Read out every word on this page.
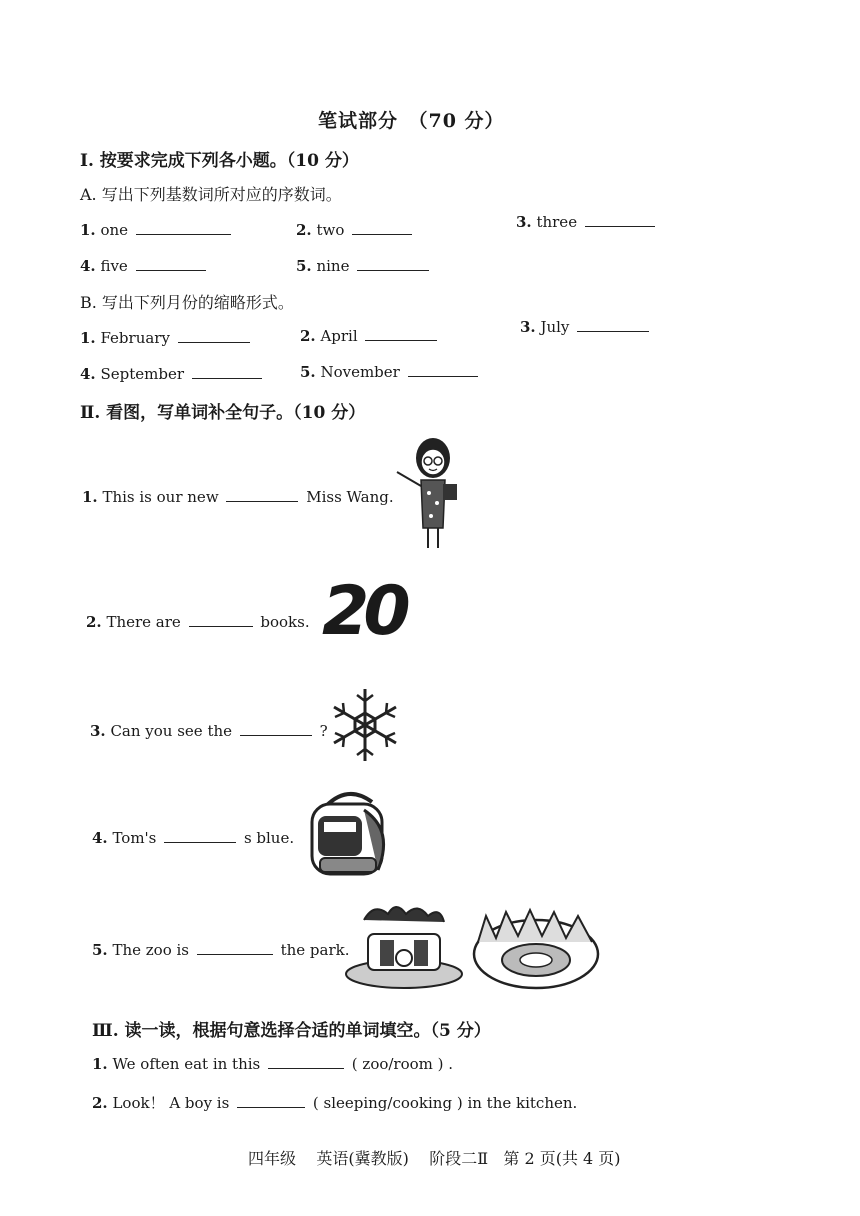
笔试部分　（70 分）
Ⅰ. 按要求完成下列各小题。（10 分）
A. 写出下列基数词所对应的序数词。
1. one	2. two	3. three
4. five	5. nine
B. 写出下列月份的缩略形式。
1. February	2. April	3. July
4. September	5. November
Ⅱ. 看图，写单词补全句子。（10 分）
1. This is our new	Miss Wang.
2. There are	books. 20
3. Can you see the	?
4. Tom's	s blue.
5. The zoo is	the park.
Ⅲ. 读一读，根据句意选择合适的单词填空。（5 分）
1. We often eat in this	( zoo/room ) .
2. Look！ A boy is	( sleeping/cooking ) in the kitchen.
四年级 英语(冀教版) 阶段二Ⅱ 第 2 页(共 4 页)
